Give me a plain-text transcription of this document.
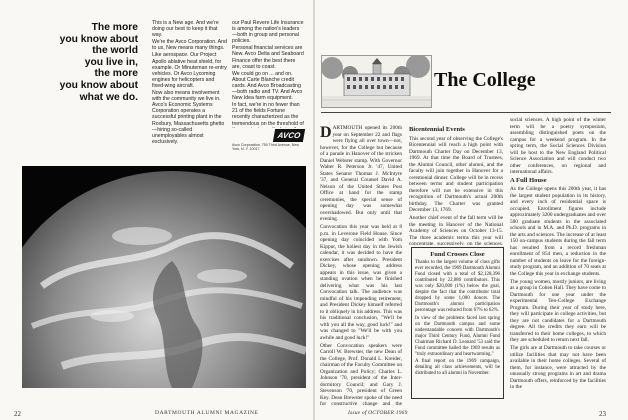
The more
you know about
the world
you live in,
the more
you know about
what we do.

This is a New age. And we're doing our best to keep it that way.

We're the Avco Corporation. And to us, New means many things.

Like aerospace. Our Project Apollo ablative heat shield, for example. Or Minuteman re-entry vehicles. Or Avco Lycoming engines for helicopters and fixed-wing aircraft.

Now also means involvement with the community we live in. Avco's Economic Systems Corporation operates a successful printing plant in the Roxbury, Massachusetts ghetto—hiring so-called unemployables almost exclusively.

our Paul Revere Life Insurance is among the nation's leaders—both in group and personal policies.

Personal financial services are New. Avco Delta and Seaboard Finance offer the best there are, coast to coast.

We could go on ... and on. About Carte Blanche credit cards. And Avco Broadcasting—both radio and TV. And Avco New Idea farm equipment.

In fact, we're in no fewer than 21 of the fields Fortune recently characterized as the tremendous on the threshold of

AVCO
Avco Corporation, 750 Third Avenue, New York, N. Y. 10017
22	DARTMOUTH ALUMNI MAGAZINE
The College

DARTMOUTH opened its 200th year on September 22 and flags were flying all over town—not, however, for the College but because of a parade in Hanover of the stricken Daniel Webster stamp. With Governor Walter R. Peterson Jr. '47, United States Senator Thomas J. McIntyre '37, and General Counsel David A. Nelson of the United States Post Office at hand for the stamp ceremonies, the special sense of opening day was somewhat overshadowed. But only until that evening.

Convocation this year was held at 8 p.m. in Leverone Field House. Since opening day coincided with Yom Kippur, the holiest day in the Jewish calendar, it was decided to have the exercises after sundown. President Dickey, whose opening address appears in this issue, was given a standing ovation when he finished delivering what was his last Convocation talk. The audience was mindful of his impending retirement, and President Dickey himself referred to it obliquely in his address. This was his traditional conclusion, "We'll be with you all the way, good luck!" and was changed to "We'll be with you awhile and good luck!"

Other Convocation speakers were Carroll W. Brewster, the new Dean of the College, Prof. Donald L. Kreider, chairman of the Faculty Committee on Organization and Policy; Charles L. Johnson '70, president of the Inter-dormitory Council; and Gary J. Stevenson '70, president of Green Key. Dean Brewster spoke of the need for constructive change and the

Bicentennial Events

This second year of observing the College's Bicentennial will reach a high point with Dartmouth Charter Day on December 13, 1969. At that time the Board of Trustees, the Alumni Council, other alumni, and the faculty will join together in Hanover for a ceremonial dinner. College will be in recess between terms and student participation therefore will not be extensive in this recognition of Dartmouth's actual 200th birthday. The Charter was granted December 13, 1769.

Another chief event of the fall term will be the meeting in Hanover of the National Academy of Sciences on October 13-15. The three academic terms this year will concentrate, successively, on the sciences,

Fund Crosses Close

Thanks to the largest volume of class gifts ever recorded, the 1969 Dartmouth Alumni Fund closed with a total of $2,128,396 contributed by 22,086 contributors. This was only $20,000 (1%) below the goal, despite the fact that the contributor total dropped by some 1,000 donors. The Dartmouth's alumni participation percentage was reduced from 67% to 62%.

In view of the problems faced last spring on the Dartmouth campus and some understandable concern with Dartmouth's major Third Century Fund, Alumni Fund Chairman Richard D. Leonard '53 said the Fund committee hailed the 1969 results as "truly extraordinary and heartwarming."

A final report on the 1969 campaign, detailing all class achievements, will be distributed to all alumni in November.

social sciences. A high point of the winter term will be a poetry symposium, assembling distinguished poets on the campus for a weekend program. In the spring term, the Social Sciences Division will be host to the New England Political Science Association and will conduct two other conferences, on regional and international affairs.

A Full House

As the College opens this 200th year, it has the largest student population in its history, and every inch of residential space is occupied. Enrollment figures include approximately 3200 undergraduates and over 500 graduate students in the associated schools and in M.A. and Ph.D. programs in the arts and sciences. The increase of at least 150 on-campus students during the fall term has resulted from a record freshman enrollment of 854 men, a reduction in the number of students on leave for the foreign-study program, and an addition of 70 seats at the College this year in exchange students.

The young women, mostly juniors, are living as a group in Cohen Hall. They have come to Dartmouth for one year under the experimental Ten-College Exchange Program. During their year of study here, they will participate in college activities, but they are not candidates for a Dartmouth degree. All the credits they earn will be transferred to their home colleges, to which they are scheduled to return next fall.

The girls are at Dartmouth to take courses or utilize facilities that may not have been available in their home colleges. Several of them, for instance, were attracted by the unusually strong programs in art and drama Dartmouth offers, reinforced by the facilities in the

Issue of OCTOBER 1969	23
